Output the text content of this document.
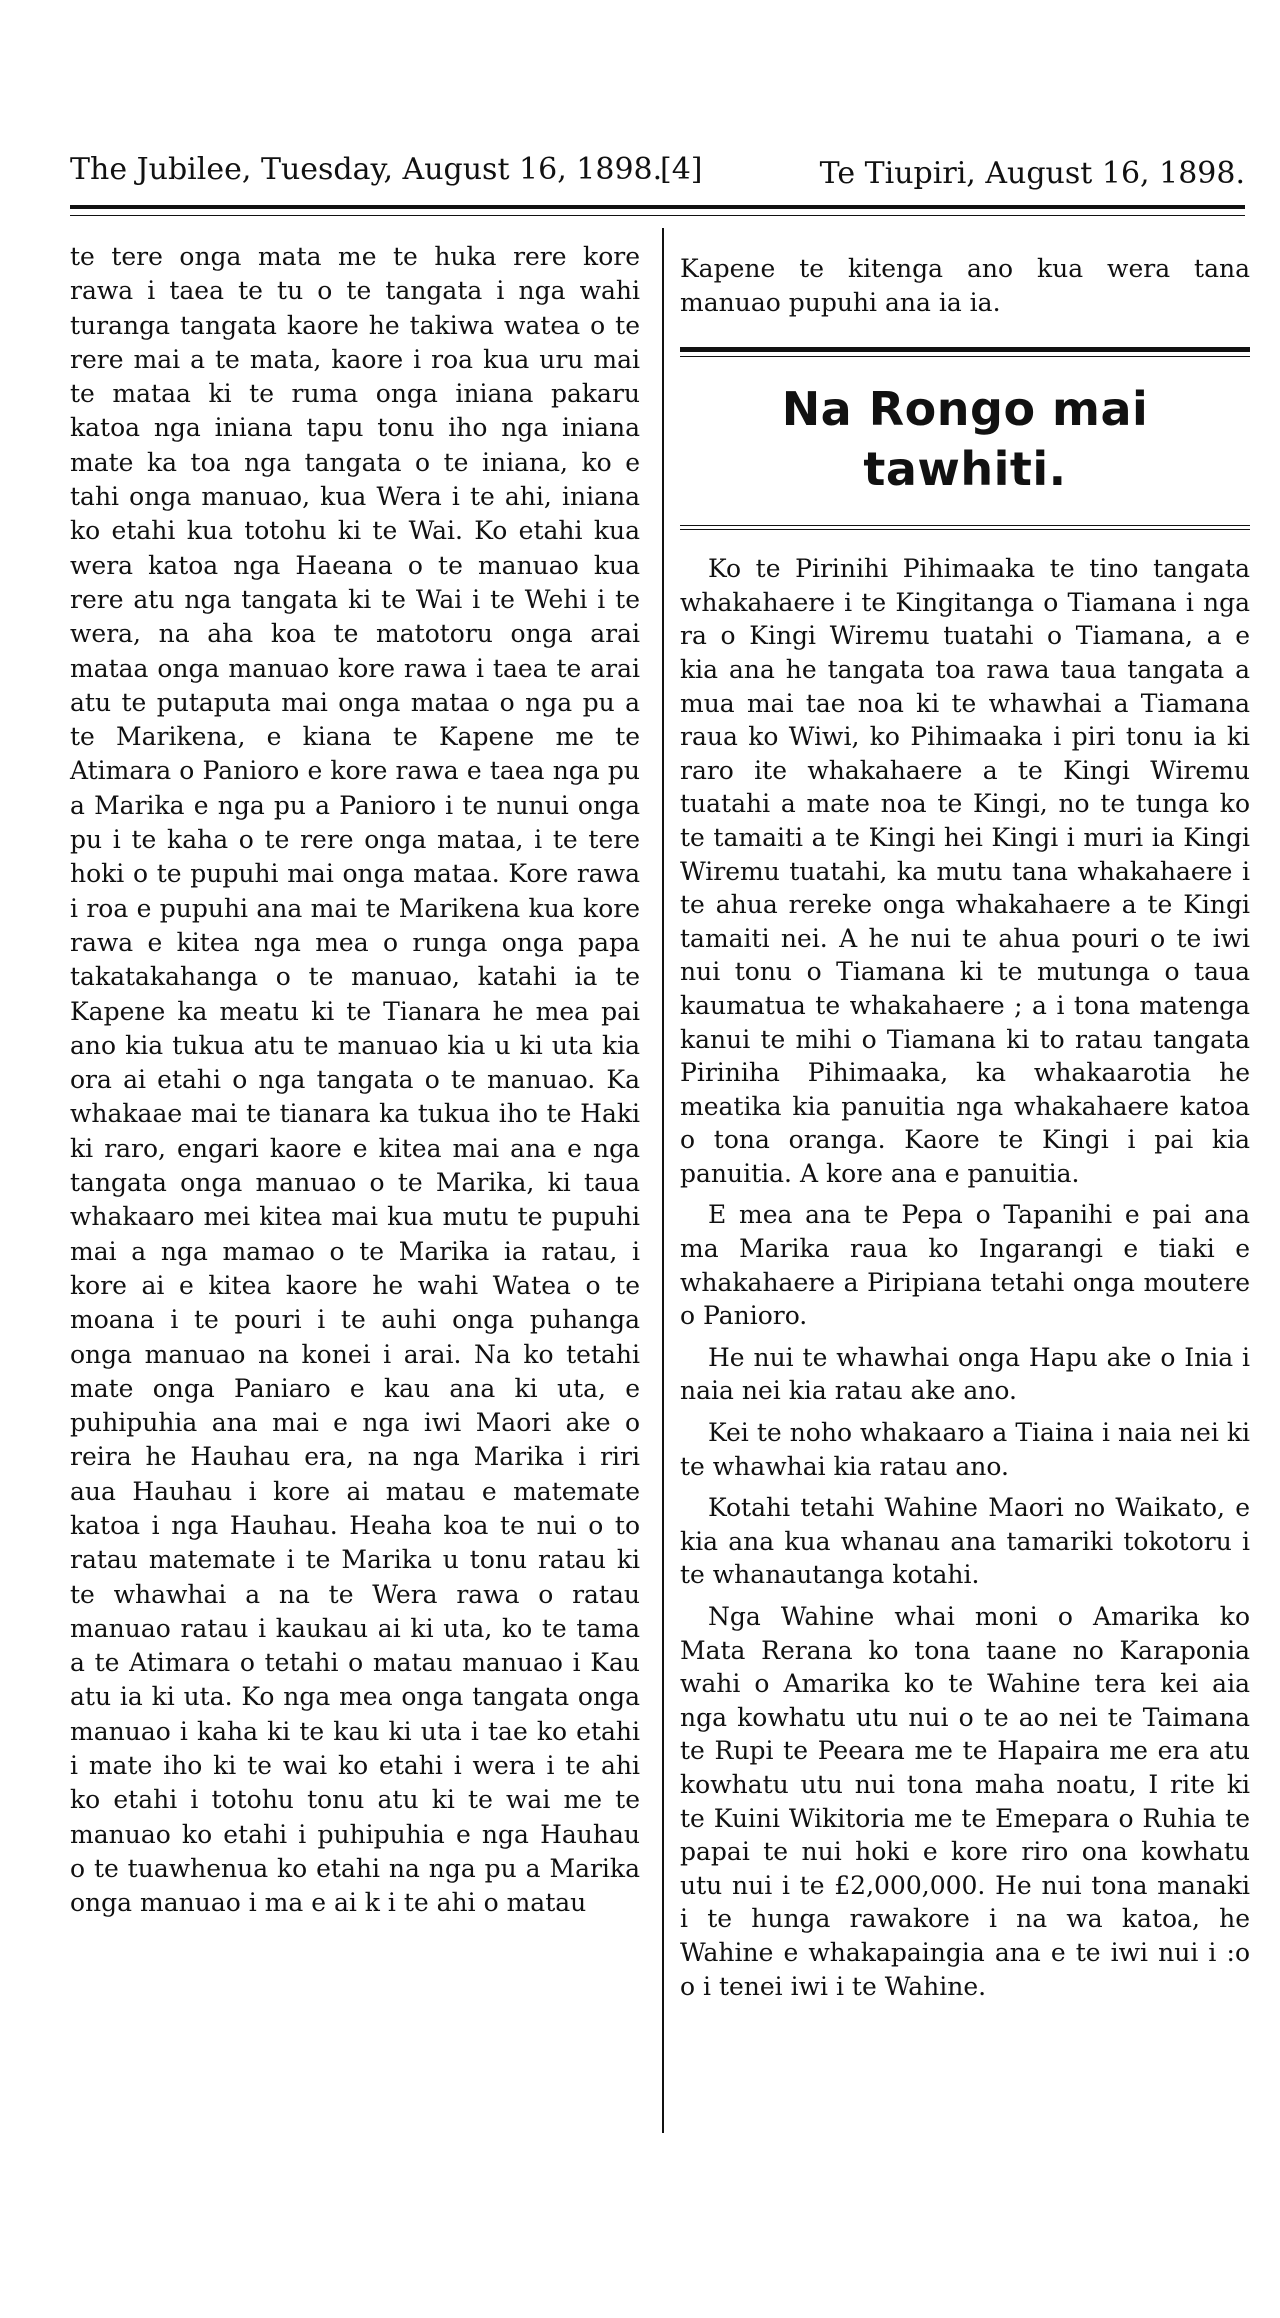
The Jubilee, Tuesday, August 16, 1898.
[4]	Te Tiupiri, August 16, 1898.

te tere onga mata me te huka rere kore rawa i taea te tu o te tangata i nga wahi turanga tangata kaore he takiwa watea o te rere mai a te mata, kaore i roa kua uru mai te mataa ki te ruma onga iniana pakaru katoa nga iniana tapu tonu iho nga iniana mate ka toa nga tangata o te iniana, ko e tahi onga manuao, kua Wera i te ahi, iniana ko etahi kua totohu ki te Wai. Ko etahi kua wera katoa nga Haeana o te manuao kua rere atu nga tangata ki te Wai i te Wehi i te wera, na aha koa te matotoru onga arai mataa onga manuao kore rawa i taea te arai atu te putaputa mai onga mataa o nga pu a te Marikena, e kiana te Kapene me te Atimara o Panioro e kore rawa e taea nga pu a Marika e nga pu a Panioro i te nunui onga pu i te kaha o te rere onga mataa, i te tere hoki o te pupuhi mai onga mataa. Kore rawa i roa e pupuhi ana mai te Marikena kua kore rawa e kitea nga mea o runga onga papa takatakahanga o te manuao, katahi ia te Kapene ka meatu ki te Tianara he mea pai ano kia tukua atu te manuao kia u ki uta kia ora ai etahi o nga tangata o te manuao. Ka whakaae mai te tianara ka tukua iho te Haki ki raro, engari kaore e kitea mai ana e nga tangata onga manuao o te Marika, ki taua whakaaro mei kitea mai kua mutu te pupuhi mai a nga mamao o te Marika ia ratau, i kore ai e kitea kaore he wahi Watea o te moana i te pouri i te auhi onga puhanga onga manuao na konei i arai. Na ko tetahi mate onga Paniaro e kau ana ki uta, e puhipuhia ana mai e nga iwi Maori ake o reira he Hauhau era, na nga Marika i riri aua Hauhau i kore ai matau e matemate katoa i nga Hauhau. Heaha koa te nui o to ratau matemate i te Marika u tonu ratau ki te whawhai a na te Wera rawa o ratau manuao ratau i kaukau ai ki uta, ko te tama a te Atimara o tetahi o matau manuao i Kau atu ia ki uta. Ko nga mea onga tangata onga manuao i kaha ki te kau ki uta i tae ko etahi i mate iho ki te wai ko etahi i wera i te ahi ko etahi i totohu tonu atu ki te wai me te manuao ko etahi i puhipuhia e nga Hauhau o te tuawhenua ko etahi na nga pu a Marika onga manuao i ma e ai k i te ahi o matau

Kapene te kitenga ano kua wera tana manuao pupuhi ana ia ia.

Na Rongo mai tawhiti.

Ko te Pirinihi Pihimaaka te tino tangata whakahaere i te Kingitanga o Tiamana i nga ra o Kingi Wiremu tuatahi o Tiamana, a e kia ana he tangata toa rawa taua tangata a mua mai tae noa ki te whawhai a Tiamana raua ko Wiwi, ko Pihimaaka i piri tonu ia ki raro ite whakahaere a te Kingi Wiremu tuatahi a mate noa te Kingi, no te tunga ko te tamaiti a te Kingi hei Kingi i muri ia Kingi Wiremu tuatahi, ka mutu tana whakahaere i te ahua rereke onga whakahaere a te Kingi tamaiti nei. A he nui te ahua pouri o te iwi nui tonu o Tiamana ki te mutunga o taua kaumatua te whakahaere ; a i tona matenga kanui te mihi o Tiamana ki to ratau tangata Piriniha Pihimaaka, ka whakaarotia he meatika kia panuitia nga whakahaere katoa o tona oranga. Kaore te Kingi i pai kia panuitia. A kore ana e panuitia.

E mea ana te Pepa o Tapanihi e pai ana ma Marika raua ko Ingarangi e tiaki e whakahaere a Piripiana tetahi onga moutere o Panioro.

He nui te whawhai onga Hapu ake o Inia i naia nei kia ratau ake ano.

Kei te noho whakaaro a Tiaina i naia nei ki te whawhai kia ratau ano.

Kotahi tetahi Wahine Maori no Waikato, e kia ana kua whanau ana tamariki tokotoru i te whanautanga kotahi.

Nga Wahine whai moni o Amarika ko Mata Rerana ko tona taane no Karaponia wahi o Amarika ko te Wahine tera kei aia nga kowhatu utu nui o te ao nei te Taimana te Rupi te Peeara me te Hapaira me era atu kowhatu utu nui tona maha noatu, I rite ki te Kuini Wikitoria me te Emepara o Ruhia te papai te nui hoki e kore riro ona kowhatu utu nui i te £2,000,000. He nui tona manaki i te hunga rawakore i na wa katoa, he Wahine e whakapaingia ana e te iwi nui i :o o i tenei iwi i te Wahine.
